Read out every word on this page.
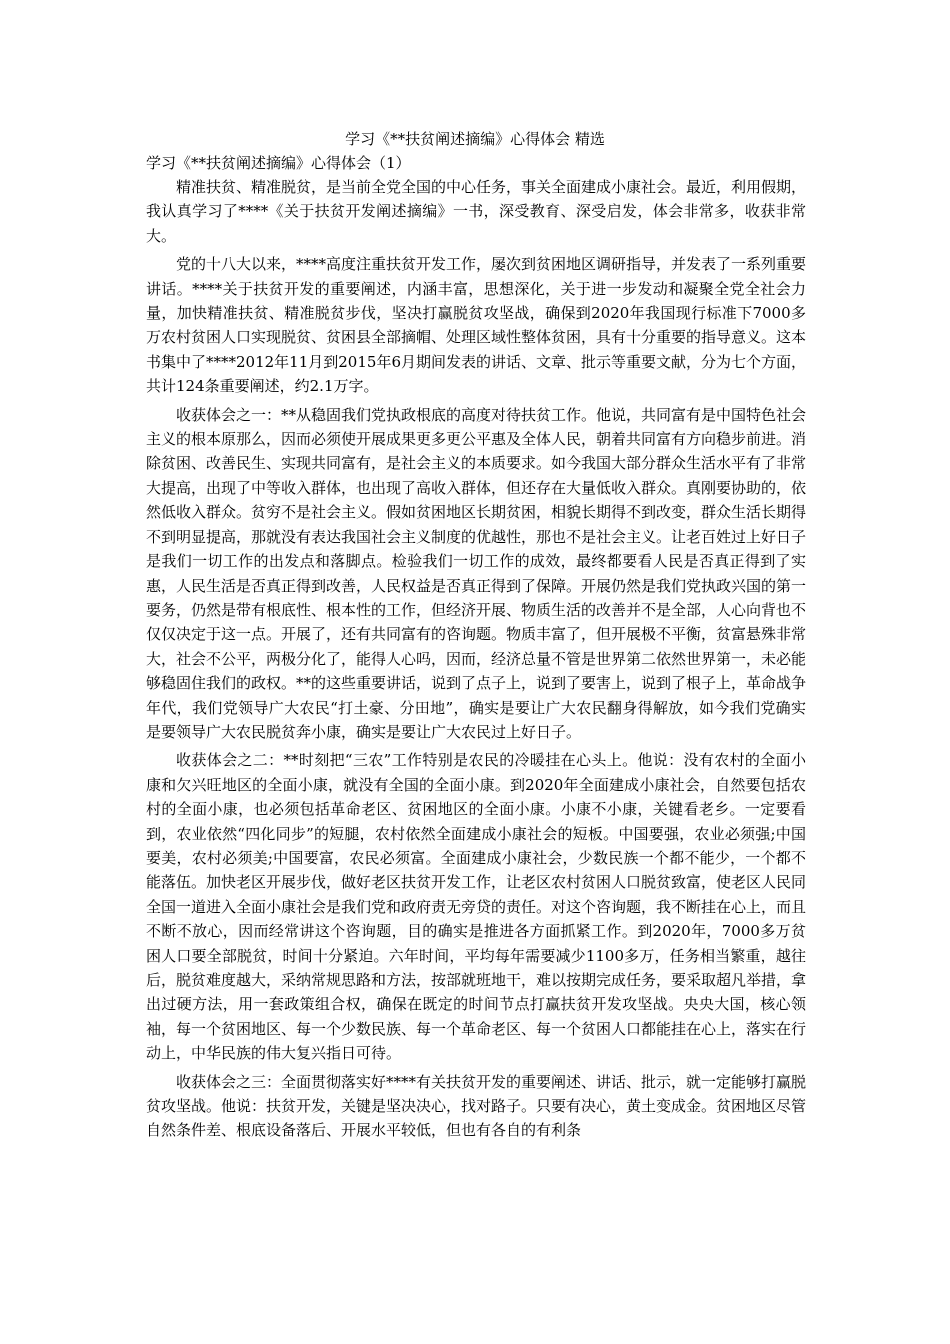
学习《**扶贫阐述摘编》心得体会 精选
学习《**扶贫阐述摘编》心得体会（1）

精准扶贫、精准脱贫，是当前全党全国的中心任务，事关全面建成小康社会。最近，利用假期，我认真学习了****《关于扶贫开发阐述摘编》一书，深受教育、深受启发，体会非常多，收获非常大。

党的十八大以来，****高度注重扶贫开发工作，屡次到贫困地区调研指导，并发表了一系列重要讲话。****关于扶贫开发的重要阐述，内涵丰富，思想深化，关于进一步发动和凝聚全党全社会力量，加快精准扶贫、精准脱贫步伐，坚决打赢脱贫攻坚战，确保到2020年我国现行标准下7000多万农村贫困人口实现脱贫、贫困县全部摘帽、处理区域性整体贫困，具有十分重要的指导意义。这本书集中了****2012年11月到2015年6月期间发表的讲话、文章、批示等重要文献，分为七个方面，共计124条重要阐述，约2.1万字。

收获体会之一：**从稳固我们党执政根底的高度对待扶贫工作。他说，共同富有是中国特色社会主义的根本原那么，因而必须使开展成果更多更公平惠及全体人民，朝着共同富有方向稳步前进。消除贫困、改善民生、实现共同富有，是社会主义的本质要求。如今我国大部分群众生活水平有了非常大提高，出现了中等收入群体，也出现了高收入群体，但还存在大量低收入群众。真刚要协助的，依然低收入群众。贫穷不是社会主义。假如贫困地区长期贫困，相貌长期得不到改变，群众生活长期得不到明显提高，那就没有表达我国社会主义制度的优越性，那也不是社会主义。让老百姓过上好日子是我们一切工作的出发点和落脚点。检验我们一切工作的成效，最终都要看人民是否真正得到了实惠，人民生活是否真正得到改善，人民权益是否真正得到了保障。开展仍然是我们党执政兴国的第一要务，仍然是带有根底性、根本性的工作，但经济开展、物质生活的改善并不是全部，人心向背也不仅仅决定于这一点。开展了，还有共同富有的咨询题。物质丰富了，但开展极不平衡，贫富悬殊非常大，社会不公平，两极分化了，能得人心吗，因而，经济总量不管是世界第二依然世界第一，未必能够稳固住我们的政权。**的这些重要讲话，说到了点子上，说到了要害上，说到了根子上，革命战争年代，我们党领导广大农民“打土豪、分田地”，确实是要让广大农民翻身得解放，如今我们党确实是要领导广大农民脱贫奔小康，确实是要让广大农民过上好日子。

收获体会之二：**时刻把“三农”工作特别是农民的冷暖挂在心头上。他说：没有农村的全面小康和欠兴旺地区的全面小康，就没有全国的全面小康。到2020年全面建成小康社会，自然要包括农村的全面小康，也必须包括革命老区、贫困地区的全面小康。小康不小康，关键看老乡。一定要看到，农业依然“四化同步”的短腿，农村依然全面建成小康社会的短板。中国要强，农业必须强;中国要美，农村必须美;中国要富，农民必须富。全面建成小康社会，少数民族一个都不能少，一个都不能落伍。加快老区开展步伐，做好老区扶贫开发工作，让老区农村贫困人口脱贫致富，使老区人民同全国一道进入全面小康社会是我们党和政府责无旁贷的责任。对这个咨询题，我不断挂在心上，而且不断不放心，因而经常讲这个咨询题，目的确实是推进各方面抓紧工作。到2020年，7000多万贫困人口要全部脱贫，时间十分紧迫。六年时间，平均每年需要减少1100多万，任务相当繁重，越往后，脱贫难度越大，采纳常规思路和方法，按部就班地干，难以按期完成任务，要采取超凡举措，拿出过硬方法，用一套政策组合权，确保在既定的时间节点打赢扶贫开发攻坚战。央央大国，核心领袖，每一个贫困地区、每一个少数民族、每一个革命老区、每一个贫困人口都能挂在心上，落实在行动上，中华民族的伟大复兴指日可待。

收获体会之三：全面贯彻落实好****有关扶贫开发的重要阐述、讲话、批示，就一定能够打赢脱贫攻坚战。他说：扶贫开发，关键是坚决决心，找对路子。只要有决心，黄土变成金。贫困地区尽管自然条件差、根底设备落后、开展水平较低，但也有各自的有利条
